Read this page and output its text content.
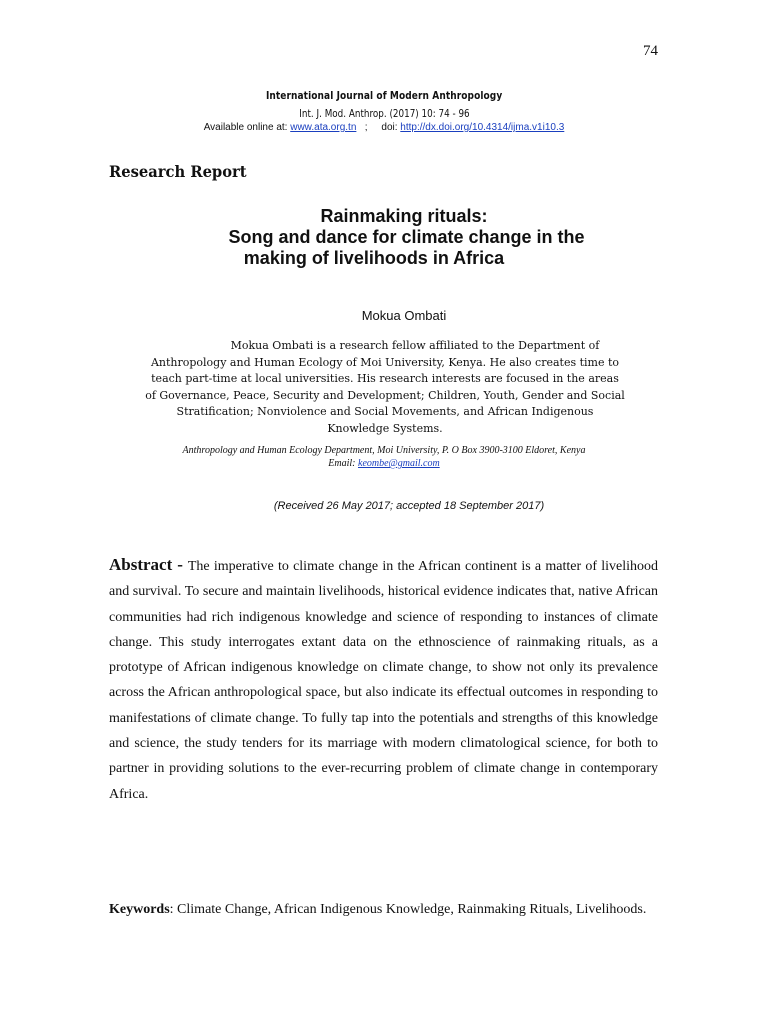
74
International Journal of Modern Anthropology
Int. J. Mod. Anthrop. (2017) 10: 74 - 96
Available online at: www.ata.org.tn   ;     doi: http://dx.doi.org/10.4314/ijma.v1i10.3
Research Report
Rainmaking rituals:
Song and dance for climate change in the
making of livelihoods in Africa
Mokua Ombati
Mokua Ombati is a research fellow affiliated to the Department of
Anthropology and Human Ecology of Moi University, Kenya. He also creates time to teach part-time at local universities. His research interests are focused in the areas of Governance, Peace, Security and Development; Children, Youth, Gender and Social Stratification; Nonviolence and Social Movements, and African Indigenous Knowledge Systems.
Anthropology and Human Ecology Department, Moi University, P. O Box 3900-3100 Eldoret, Kenya
Email: keombe@gmail.com
(Received 26 May 2017; accepted 18 September 2017)
Abstract - The imperative to climate change in the African continent is a matter of livelihood and survival. To secure and maintain livelihoods, historical evidence indicates that, native African communities had rich indigenous knowledge and science of responding to instances of climate change. This study interrogates extant data on the ethnoscience of rainmaking rituals, as a prototype of African indigenous knowledge on climate change, to show not only its prevalence across the African anthropological space, but also indicate its effectual outcomes in responding to manifestations of climate change. To fully tap into the potentials and strengths of this knowledge and science, the study tenders for its marriage with modern climatological science, for both to partner in providing solutions to the ever-recurring problem of climate change in contemporary Africa.
Keywords: Climate Change, African Indigenous Knowledge, Rainmaking Rituals, Livelihoods.
